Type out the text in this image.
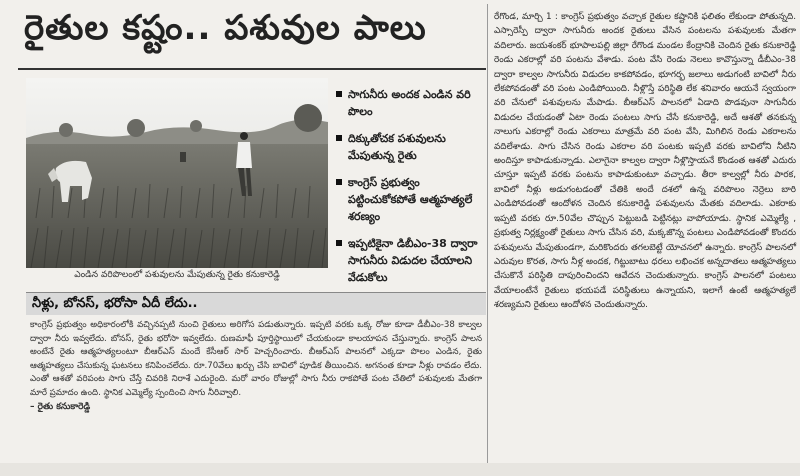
రైతుల కష్టం.. పశువుల పాలు
ఎండిన వరిపొలంలో పశువులను మేపుతున్న రైతు కనుకారెడ్డి
సాగునీరు అందక ఎండిన వరి పొలం
దిక్కుతోచక పశువులను మేపుతున్న రైతు
కాంగ్రెస్ ప్రభుత్వం పట్టించుకోకపోతే ఆత్మహత్యలే శరణ్యం
ఇప్పటికైనా డిబీఎం-38 ద్వారా సాగునీరు విడుదల చేయాలని వేడుకోలు
నీళ్లు, బోనస్, భరోసా ఏదీ లేదు..
కాంగ్రెస్ ప్రభుత్వం అధికారంలోకి వచ్చినప్పటి నుంచి రైతులు అరిగోస పడుతున్నారు. ఇప్పటి వరకు ఒక్క రోజు కూడా డీబీఎం-38 కాల్వల ద్వారా నీరు ఇవ్వలేదు. బోనస్, రైతు భరోసా ఇవ్వలేదు. రుణమాఫీ పూర్తిస్థాయిలో చేయకుండా కాలయాపన చేస్తున్నారు. కాంగ్రెస్ పాలన అంటేనే రైతు ఆత్మహత్యలంటూ బీఆర్ఎస్ మందే కేసీఆర్ సార్ హెచ్చరించారు. బీఆర్ఎస్ పాలనలో ఎక్కడా పొలం ఎండిన, రైతు ఆత్మహత్యలు చేసుకున్న ఘటనలు కనిపించలేదు. రూ.70వేలు ఖర్చు చేసి బావిలో పూడిక తీయించిన. అగనంత కూడా నీళ్లు రావడం లేదు. ఎంతో ఆశతో వరిపంట సాగు చేస్తే చివరికి నిరాశే ఎదురైంది. మరో వారం రోజుల్లో సాగు నీరు రాకపోతే పంట చేతిలో పశువులకు మేతగా మారే ప్రమాదం ఉంది. స్థానిక ఎమ్మెల్యే స్పందించి సాగు నీరివ్వాలి.
– రైతు కనుకారెడ్డి
రేగొండ, మార్చి 1 : కాంగ్రెస్ ప్రభుత్వం వచ్చాక రైతుల కష్టానికి ఫలితం లేకుండా పోతున్నది. ఎస్సారెస్పీ ద్వారా సాగునీరు అందక రైతులు వేసిన పంటలను పశువులకు మేతగా వదిలారు. జయశంకర్ భూపాలపల్లి జిల్లా రేగొండ మండల కేంద్రానికి చెందిన రైతు కనుకారెడ్డి రెండు ఎకరాల్లో వరి పంటను వేశాడు. పంట వేసి రెండు నెలలు కావొస్తున్నా డీబీఎం-38 ద్వారా కాల్వల సాగునీరు విడుదల కాకపోవడం, భూగర్భ జలాలు అడుగంటి బావిలో నీరు లేకపోవడంతో వరి పంట ఎండిపోయింది. నీళ్లొస్తే పరిస్థితి లేక శనివారం ఆయనే స్వయంగా వరి చేనులో పశువులను మేపాడు. బీఆర్ఎస్ పాలనలో ఏడాది పొడవునా సాగునీరు విడుదల చేయడంతో ఏటా రెండు పంటలు సాగు చేసే కనుకారెడ్డి, అదే ఆశతో తనకున్న నాలుగు ఎకరాల్లో రెండు ఎకరాలు మాత్రమే వరి పంట వేసి, మిగిలిన రెండు ఎకరాలను వదిలేశాడు. సాగు చేసిన రెండు ఎకరాల వరి పంటకు ఇప్పటి వరకు బావిలోని నీటిని అందిస్తూ కాపాడుకున్నాడు. ఎలాగైనా కాల్వల ద్వారా నీళ్లొస్తాయనే కొండంత ఆశతో ఎదురు చూస్తూ ఇప్పటి వరకు పంటను కాపాడుకుంటూ వచ్చాడు. తీరా కాల్వల్లో నీరు పారక, బావిలో నీళ్లు అడుగంటడంతో చేతికి అందే దశలో ఉన్న వరిపొలం నెర్రెలు బారి ఎండిపోవడంతో ఆందోళన చెందిన కనుకారెడ్డి పశువులను మేతకు వదిలాడు. ఎకరాకు ఇప్పటి వరకు రూ.50వేల చొప్పున పెట్టుబడి పెట్టినట్లు వాపోయాడు. స్థానిక ఎమ్మెల్యే , ప్రభుత్వ నిర్లక్ష్యంతో రైతులు సాగు చేసిన వరి, మక్కజొన్న పంటలు ఎండిపోవడంతో కొందరు పశువులను మేపుతుండగా, మరికొందరు తగలబెట్టే యోచనలో ఉన్నారు. కాంగ్రెస్ పాలనలో ఎరువుల కొరత, సాగు నీళ్ల అందక, గిట్టుబాటు ధరలు లభించక అన్నదాతలు ఆత్మహత్యలు చేసుకొనే పరిస్థితి దాపురించిందని ఆవేదన చెందుతున్నారు. కాంగ్రెస్ పాలనలో పంటలు వేయాలంటేనే రైతులు భయపడే పరిస్థితులు ఉన్నాయని, ఇలాగే ఉంటే ఆత్మహత్యలే శరణ్యమని రైతులు ఆందోళన చెందుతున్నారు.
